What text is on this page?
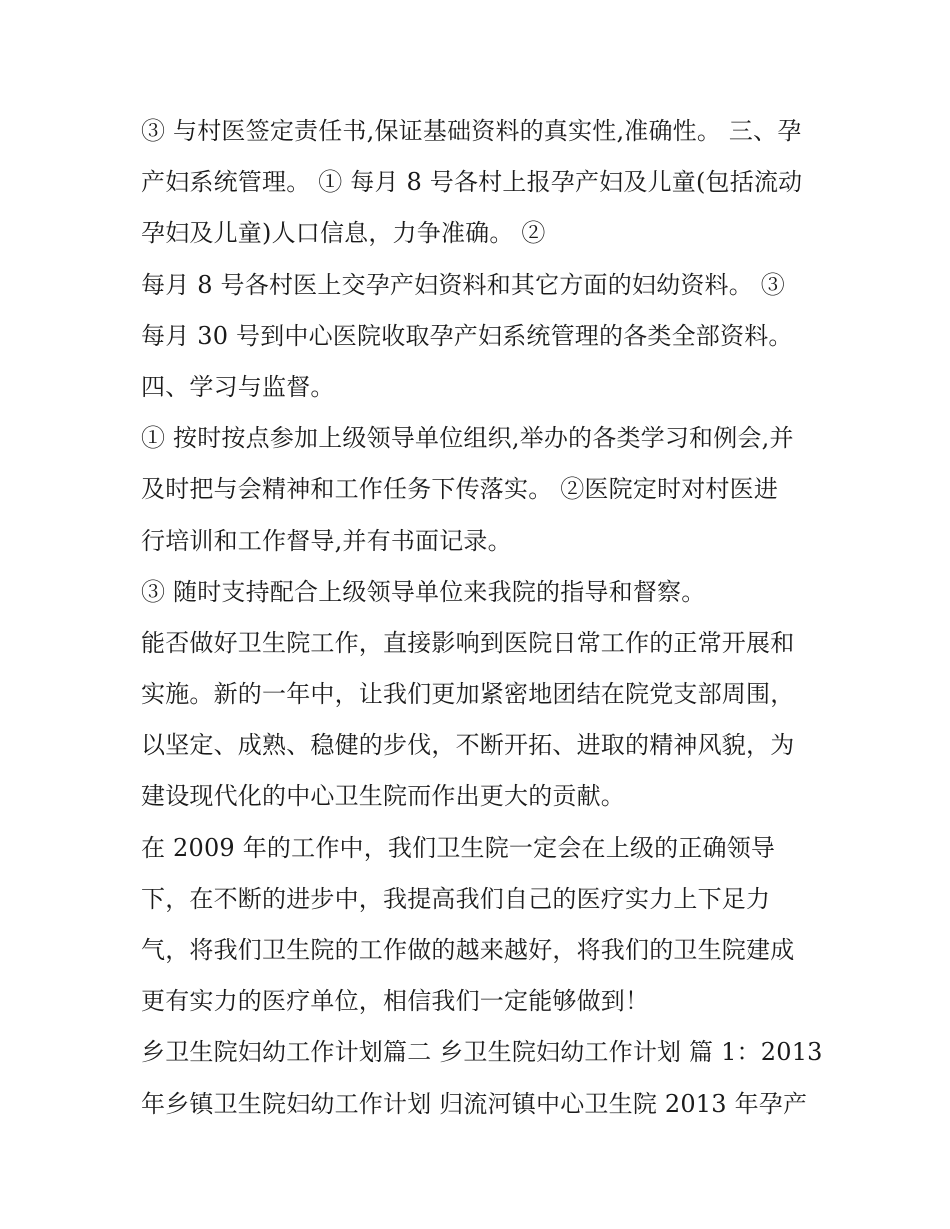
③ 与村医签定责任书,保证基础资料的真实性,准确性。 三、孕
产妇系统管理。 ① 每月 8 号各村上报孕产妇及儿童(包括流动
孕妇及儿童)人口信息，力争准确。 ②
每月 8 号各村医上交孕产妇资料和其它方面的妇幼资料。 ③
每月 30 号到中心医院收取孕产妇系统管理的各类全部资料。
四、学习与监督。
① 按时按点参加上级领导单位组织,举办的各类学习和例会,并
及时把与会精神和工作任务下传落实。 ②医院定时对村医进
行培训和工作督导,并有书面记录。
③ 随时支持配合上级领导单位来我院的指导和督察。
能否做好卫生院工作，直接影响到医院日常工作的正常开展和
实施。新的一年中，让我们更加紧密地团结在院党支部周围，
以坚定、成熟、稳健的步伐，不断开拓、进取的精神风貌，为
建设现代化的中心卫生院而作出更大的贡献。
在 2009 年的工作中，我们卫生院一定会在上级的正确领导
下，在不断的进步中，我提高我们自己的医疗实力上下足力
气，将我们卫生院的工作做的越来越好，将我们的卫生院建成
更有实力的医疗单位，相信我们一定能够做到！
乡卫生院妇幼工作计划篇二 乡卫生院妇幼工作计划 篇 1：2013
年乡镇卫生院妇幼工作计划 归流河镇中心卫生院 2013 年孕产
